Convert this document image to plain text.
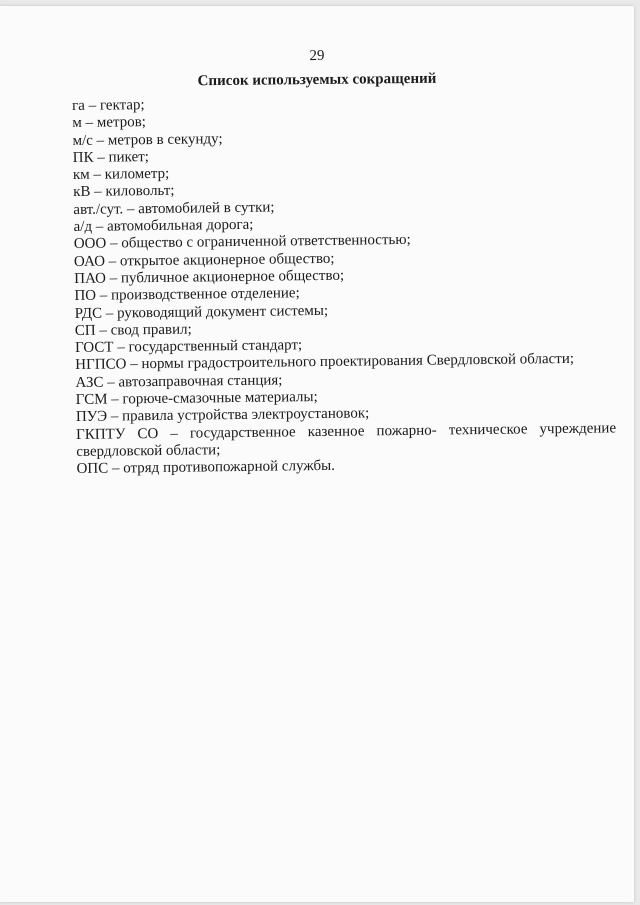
29
Список используемых сокращений
га – гектар;
м – метров;
м/с – метров в секунду;
ПК – пикет;
км – километр;
кВ – киловольт;
авт./сут. – автомобилей в сутки;
а/д – автомобильная дорога;
ООО – общество с ограниченной ответственностью;
ОАО – открытое акционерное общество;
ПАО – публичное акционерное общество;
ПО – производственное отделение;
РДС – руководящий документ системы;
СП – свод правил;
ГОСТ – государственный стандарт;
НГПСО – нормы градостроительного проектирования Свердловской области;
АЗС – автозаправочная станция;
ГСМ – горюче-смазочные материалы;
ПУЭ – правила устройства электроустановок;
ГКПТУ СО – государственное казенное пожарно- техническое учреждение свердловской области;
ОПС – отряд противопожарной службы.
